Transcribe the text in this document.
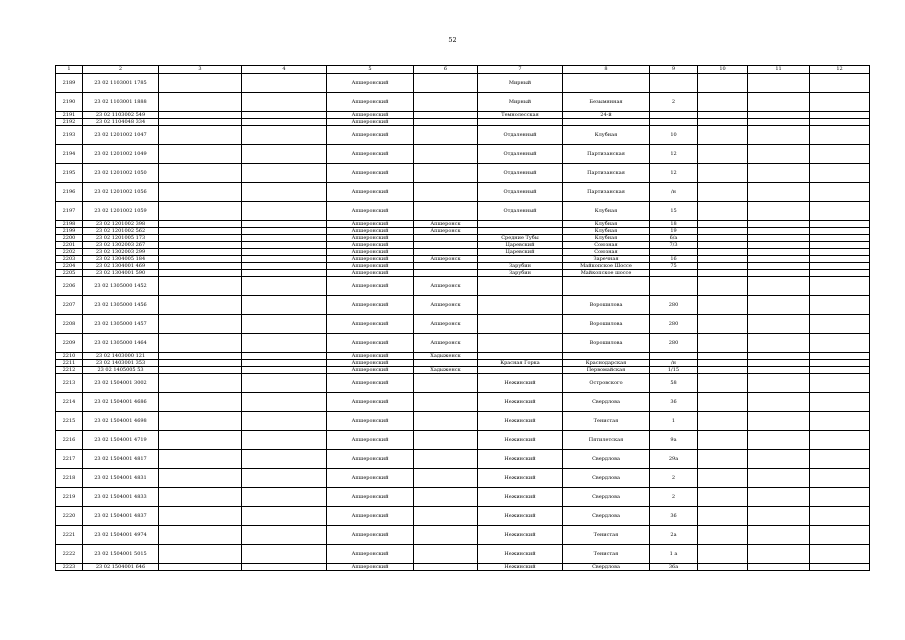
52
1	2	3	4	5	6	7	8	9	10	11	12
2189	23 02 1103001 1785			Апшеронский		Мирный					
2190	23 02 1103001 1888			Апшеронский		Мирный	Безымянная	2			
2191	23 02 1103002 549			Апшеронский		Темнолесская	24-й				
2192	23 02 1104048 334			Апшеронский							
2193	23 02 1201002 1047			Апшеронский		Отдаленный	Клубная	10			
2194	23 02 1201002 1049			Апшеронский		Отдаленный	Партизанская	12			
2195	23 02 1201002 1050			Апшеронский		Отдаленный	Партизанская	12			
2196	23 02 1201002 1056			Апшеронский		Отдаленный	Партизанская	/н			
2197	23 02 1201002 1059			Апшеронский		Отдаленный	Клубная	15			
2198	23 02 1201002 398			Апшеронский	Апшеронск		Клубная	18			
2199	23 02 1201002 562			Апшеронский	Апшеронск		Клубная	19			
2200	23 02 1201005 173			Апшеронский		Средние Тубы	Клубная	6/а			
2201	23 02 1302003 267			Апшеронский		Царевский	Союзная	7/3			
2202	23 02 1302003 299			Апшеронский		Царевский	Союзная				
2203	23 02 1304005 184			Апшеронский	Апшеронск		Заречная	16			
2204	23 02 1304001 469			Апшеронский		Зарубин	Майкопское Шоссе	75			
2205	23 02 1304001 590			Апшеронский		Зарубин	Майкопское шоссе				
2206	23 02 1305000 1452			Апшеронский	Апшеронск						
2207	23 02 1305000 1456			Апшеронский	Апшеронск		Ворошилова	280			
2208	23 02 1305000 1457			Апшеронский	Апшеронск		Ворошилова	280			
2209	23 02 1305000 1464			Апшеронский	Апшеронск		Ворошилова	280			
2210	23 02 1403000 121			Апшеронский	Хадыженск						
2211	23 02 1403001 353			Апшеронский		Красная Горка	Краснодарская	/н			
2212	23 02 1405005 53			Апшеронский	Хадыженск		Первомайская	1/15			
2213	23 02 1504001 3002			Апшеронский		Нежинский	Островского	58			
2214	23 02 1504001 4686			Апшеронский		Нежинский	Свердлова	36			
2215	23 02 1504001 4698			Апшеронский		Нежинский	Тенистая	1			
2216	23 02 1504001 4719			Апшеронский		Нежинский	Пятилетская	9а			
2217	23 02 1504001 4817			Апшеронский		Нежинский	Свердлова	29а			
2218	23 02 1504001 4831			Апшеронский		Нежинский	Свердлова	2			
2219	23 02 1504001 4833			Апшеронский		Нежинский	Свердлова	2			
2220	23 02 1504001 4837			Апшеронский		Нежинский	Свердлова	36			
2221	23 02 1504001 4974			Апшеронский		Нежинский	Тенистая	2а			
2222	23 02 1504001 5015			Апшеронский		Нежинский	Тенистая	1 а			
2223	23 02 1504001 646			Апшеронский		Нежинский	Свердлова	36а			
